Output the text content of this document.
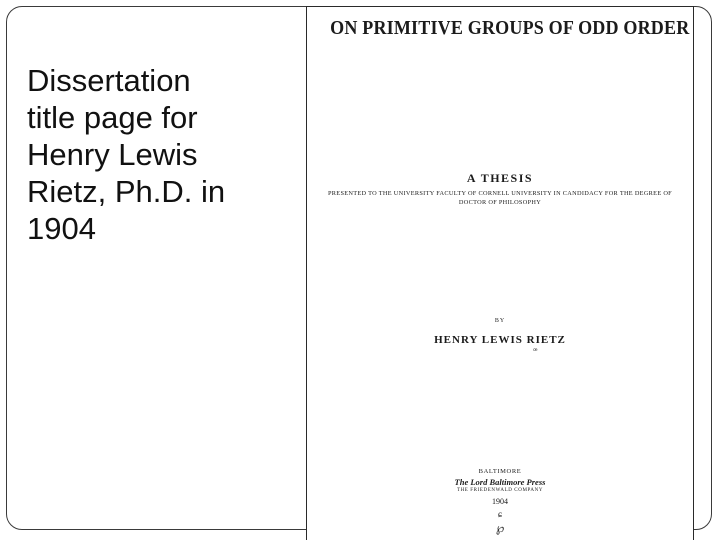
Dissertation
title page for
Henry Lewis
Rietz, Ph.D. in
1904
ON PRIMITIVE GROUPS OF ODD ORDER
A THESIS
PRESENTED TO THE UNIVERSITY FACULTY OF CORNELL UNIVERSITY IN CANDIDACY FOR THE DEGREE OF DOCTOR OF PHILOSOPHY
BY
HENRY LEWIS RIETZ
ꟹ
BALTIMORE
The Lord Baltimore Press
THE FRIEDENWALD COMPANY
1904
ɕ
℘
